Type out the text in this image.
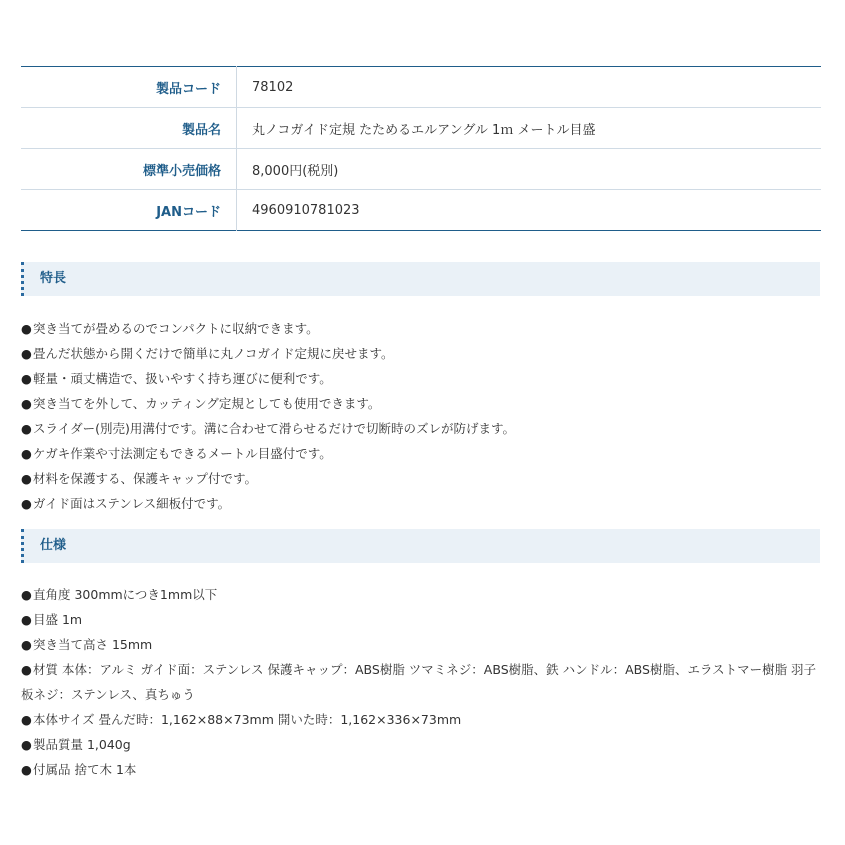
製品コード	78102
製品名	丸ノコガイド定規 たためるエルアングル 1ｍ メートル目盛
標準小売価格	8,000円(税別)
JANコード	4960910781023
特長
●突き当てが畳めるのでコンパクトに収納できます。
●畳んだ状態から開くだけで簡単に丸ノコガイド定規に戻せます。
●軽量・頑丈構造で、扱いやすく持ち運びに便利です。
●突き当てを外して、カッティング定規としても使用できます。
●スライダー(別売)用溝付です。溝に合わせて滑らせるだけで切断時のズレが防げます。
●ケガキ作業や寸法測定もできるメートル目盛付です。
●材料を保護する、保護キャップ付です。
●ガイド面はステンレス細板付です。
仕様
●直角度 300mmにつき1mm以下
●目盛 1m
●突き当て高さ 15mm
●材質 本体：アルミ ガイド面：ステンレス 保護キャップ：ABS樹脂 ツマミネジ：ABS樹脂、鉄 ハンドル：ABS樹脂、エラストマー樹脂 羽子板ネジ：ステンレス、真ちゅう
●本体サイズ 畳んだ時：1,162×88×73mm 開いた時：1,162×336×73mm
●製品質量 1,040g
●付属品 捨て木 1本
